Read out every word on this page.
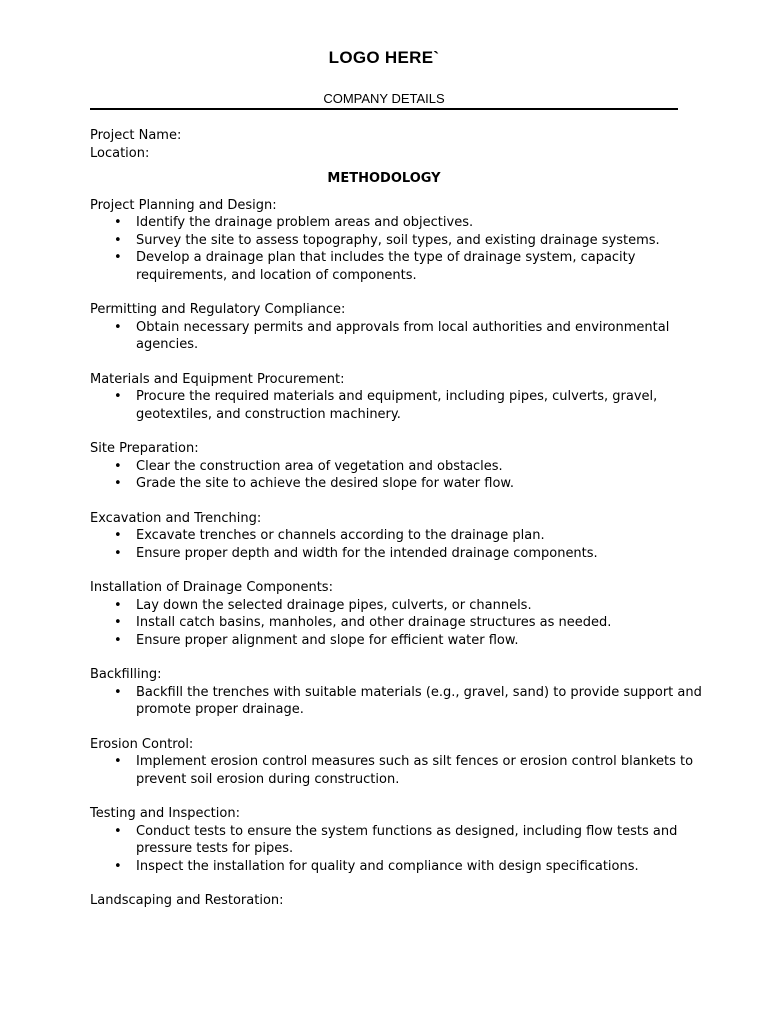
LOGO HERE`
COMPANY DETAILS

Project Name:

Location:

METHODOLOGY

Project Planning and Design:

• Identify the drainage problem areas and objectives.
• Survey the site to assess topography, soil types, and existing drainage systems.
• Develop a drainage plan that includes the type of drainage system, capacity
requirements, and location of components.

Permitting and Regulatory Compliance:

• Obtain necessary permits and approvals from local authorities and environmental
agencies.

Materials and Equipment Procurement:

• Procure the required materials and equipment, including pipes, culverts, gravel,
geotextiles, and construction machinery.

Site Preparation:

• Clear the construction area of vegetation and obstacles.
• Grade the site to achieve the desired slope for water flow.

Excavation and Trenching:

• Excavate trenches or channels according to the drainage plan.
• Ensure proper depth and width for the intended drainage components.

Installation of Drainage Components:

• Lay down the selected drainage pipes, culverts, or channels.
• Install catch basins, manholes, and other drainage structures as needed.
• Ensure proper alignment and slope for efficient water flow.

Backfilling:

• Backfill the trenches with suitable materials (e.g., gravel, sand) to provide support and
promote proper drainage.

Erosion Control:

• Implement erosion control measures such as silt fences or erosion control blankets to
prevent soil erosion during construction.

Testing and Inspection:

• Conduct tests to ensure the system functions as designed, including flow tests and
pressure tests for pipes.
• Inspect the installation for quality and compliance with design specifications.

Landscaping and Restoration:
